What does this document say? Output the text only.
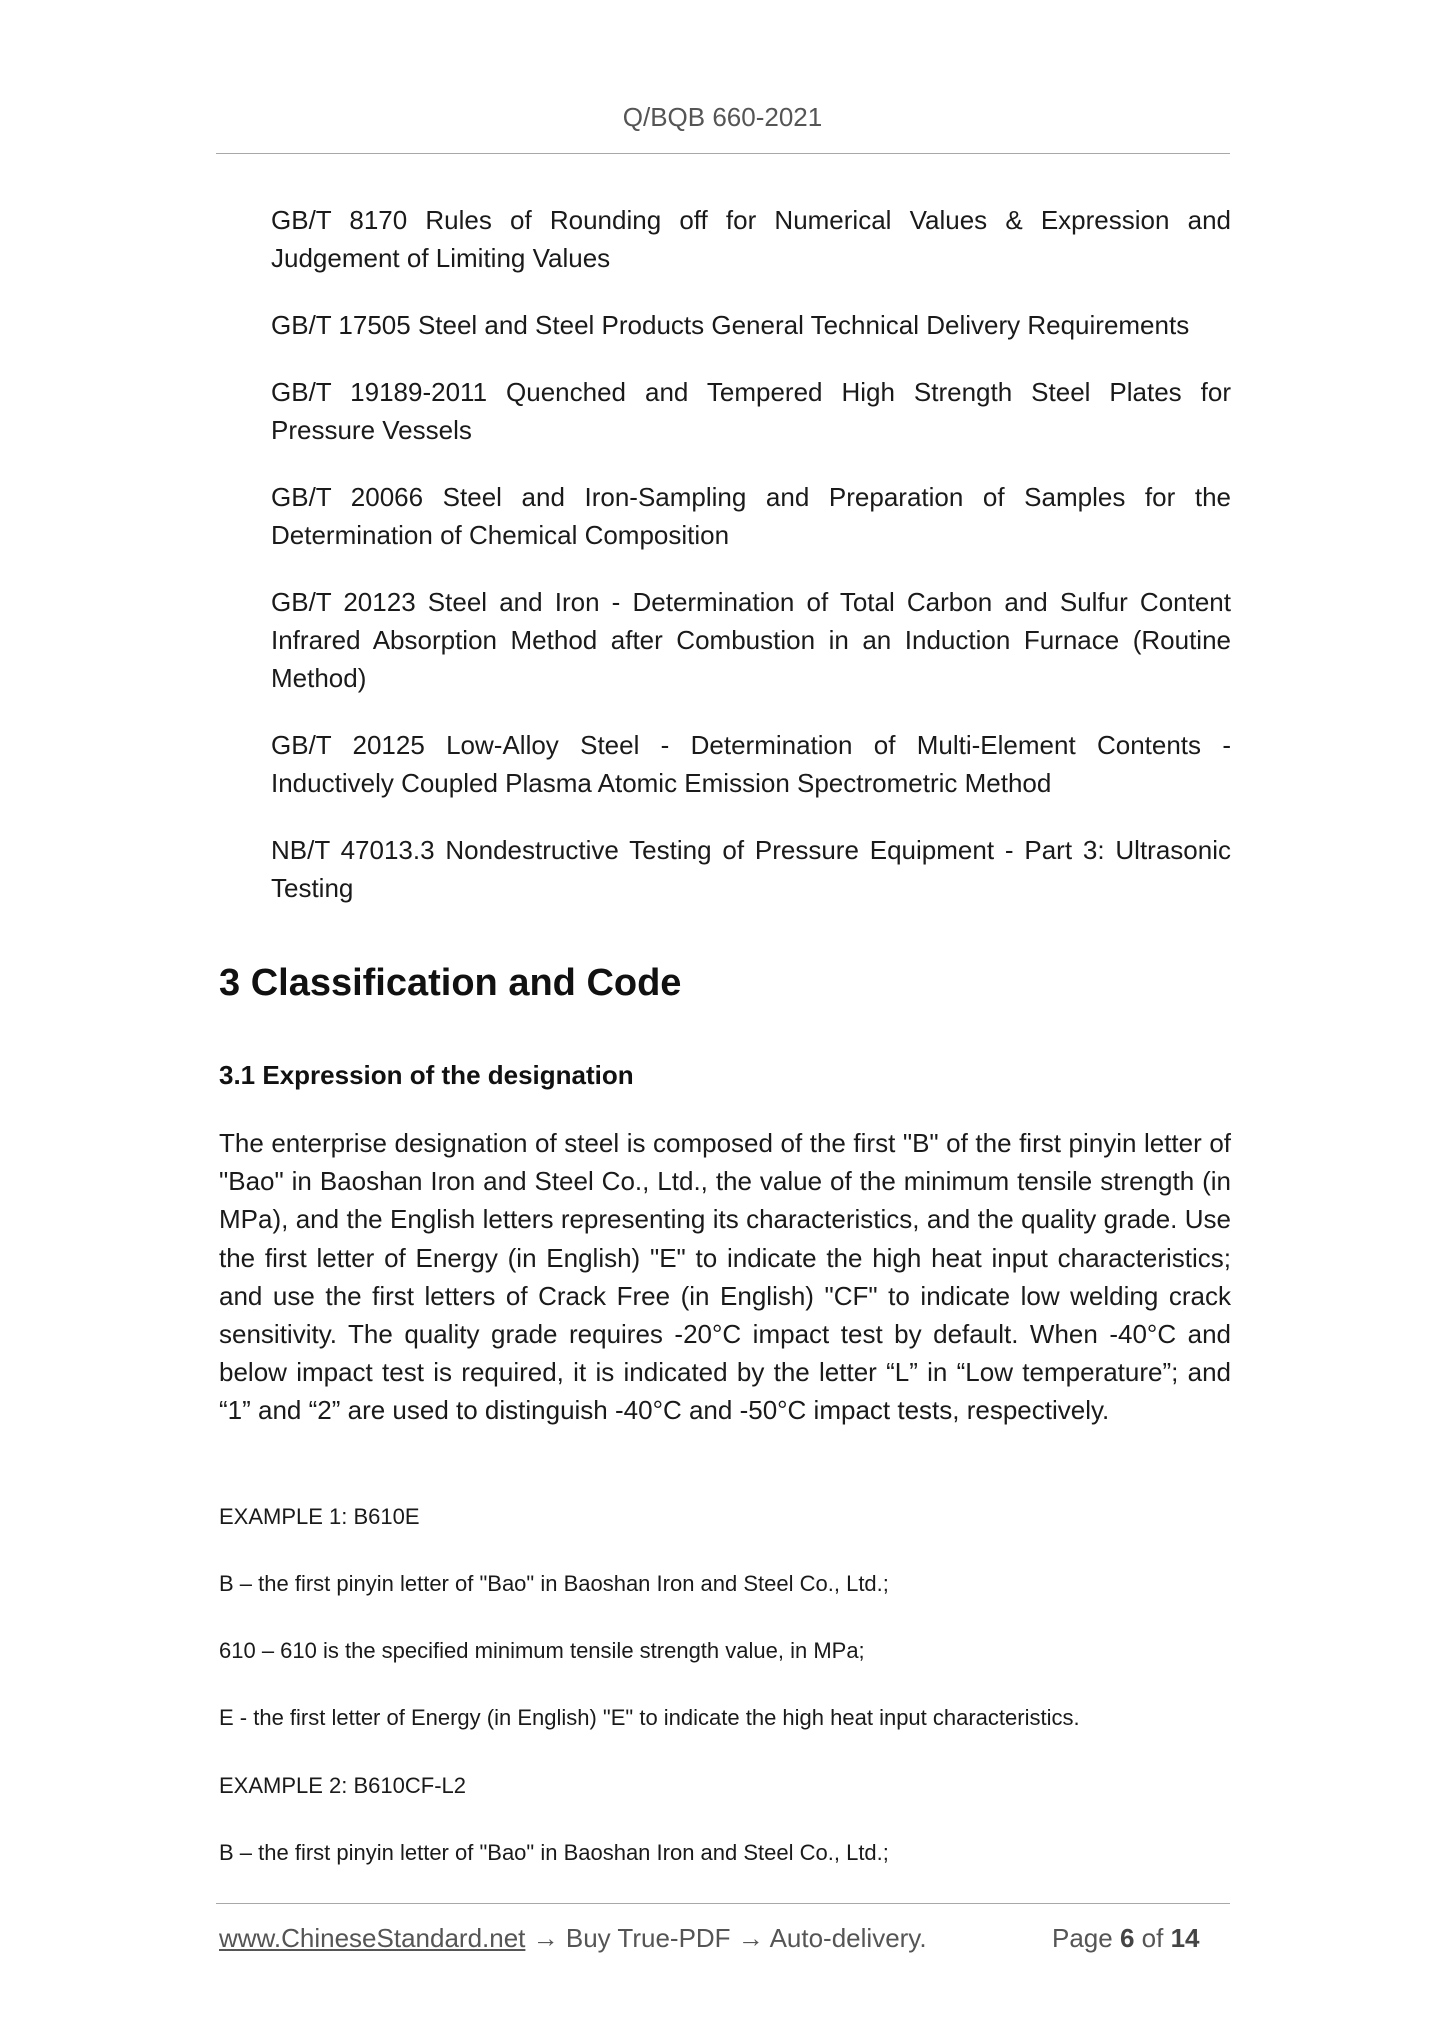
Q/BQB 660-2021

GB/T 8170 Rules of Rounding off for Numerical Values & Expression and Judgement of Limiting Values

GB/T 17505 Steel and Steel Products General Technical Delivery Requirements

GB/T 19189-2011 Quenched and Tempered High Strength Steel Plates for Pressure Vessels

GB/T 20066 Steel and Iron-Sampling and Preparation of Samples for the Determination of Chemical Composition

GB/T 20123 Steel and Iron - Determination of Total Carbon and Sulfur Content Infrared Absorption Method after Combustion in an Induction Furnace (Routine Method)

GB/T 20125 Low-Alloy Steel - Determination of Multi-Element Contents - Inductively Coupled Plasma Atomic Emission Spectrometric Method

NB/T 47013.3 Nondestructive Testing of Pressure Equipment - Part 3: Ultrasonic Testing

3 Classification and Code
3.1 Expression of the designation

The enterprise designation of steel is composed of the first "B" of the first pinyin letter of "Bao" in Baoshan Iron and Steel Co., Ltd., the value of the minimum tensile strength (in MPa), and the English letters representing its characteristics, and the quality grade. Use the first letter of Energy (in English) "E" to indicate the high heat input characteristics; and use the first letters of Crack Free (in English) "CF" to indicate low welding crack sensitivity. The quality grade requires -20°C impact test by default. When -40°C and below impact test is required, it is indicated by the letter “L” in “Low temperature”; and “1” and “2” are used to distinguish -40°C and -50°C impact tests, respectively.

EXAMPLE 1: B610E

B – the first pinyin letter of "Bao" in Baoshan Iron and Steel Co., Ltd.;

610 – 610 is the specified minimum tensile strength value, in MPa;

E - the first letter of Energy (in English) "E" to indicate the high heat input characteristics.

EXAMPLE 2: B610CF-L2

B – the first pinyin letter of "Bao" in Baoshan Iron and Steel Co., Ltd.;

www.ChineseStandard.net → Buy True-PDF → Auto-delivery.	Page 6 of 14
